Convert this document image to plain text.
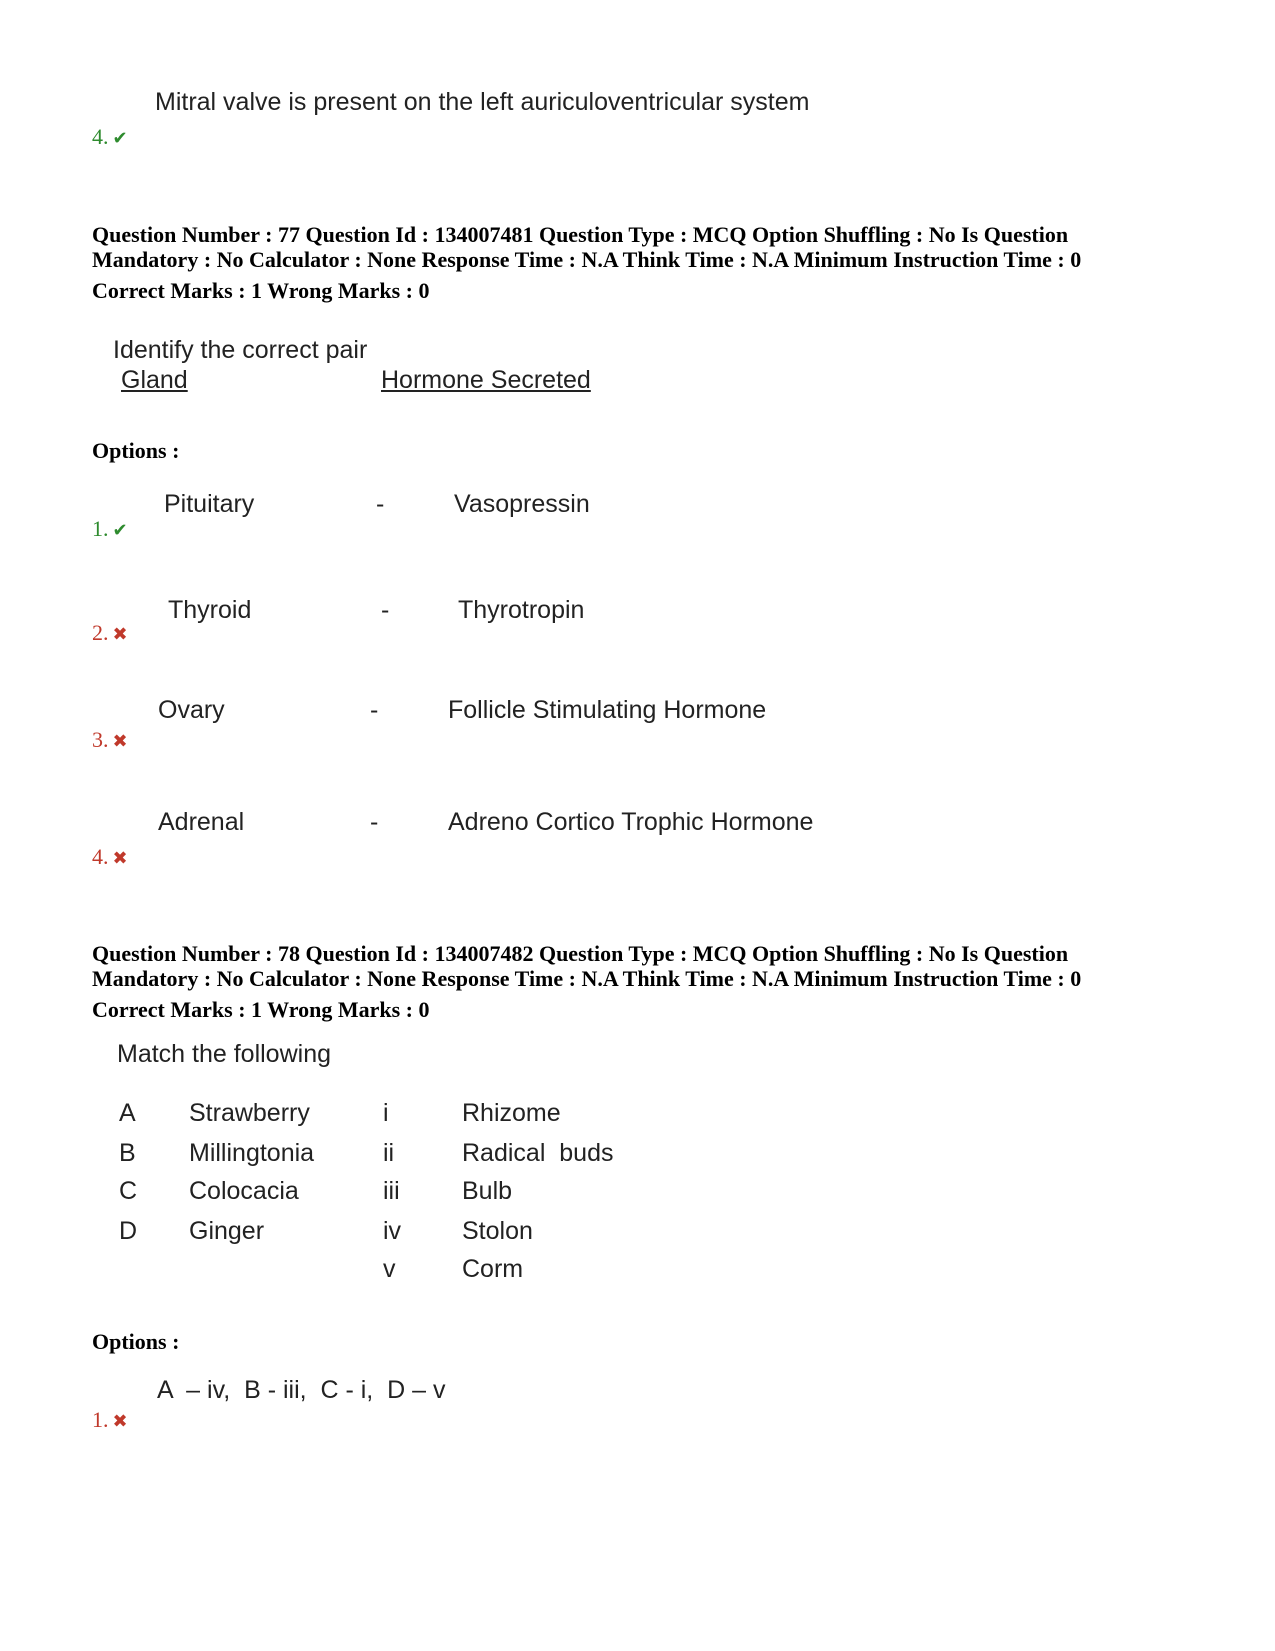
Mitral valve is present on the left auriculoventricular system
4. ✔
Question Number : 77 Question Id : 134007481 Question Type : MCQ Option Shuffling : No Is Question
Mandatory : No Calculator : None Response Time : N.A Think Time : N.A Minimum Instruction Time : 0
Correct Marks : 1 Wrong Marks : 0
Identify the correct pair
Gland	Hormone Secreted
Options :
Pituitary	-	Vasopressin
1. ✔
Thyroid	-	Thyrotropin
2. ✖
Ovary	-	Follicle Stimulating Hormone
3. ✖
Adrenal	-	Adreno Cortico Trophic Hormone
4. ✖
Question Number : 78 Question Id : 134007482 Question Type : MCQ Option Shuffling : No Is Question
Mandatory : No Calculator : None Response Time : N.A Think Time : N.A Minimum Instruction Time : 0
Correct Marks : 1 Wrong Marks : 0
Match the following
A Strawberry	i	Rhizome
B Millingtonia	ii	Radical  buds
C Colocacia	iii Bulb
D Ginger	iv Stolon
v	Corm
Options :
A  – iv,  B - iii,  C - i,  D – v
1. ✖
